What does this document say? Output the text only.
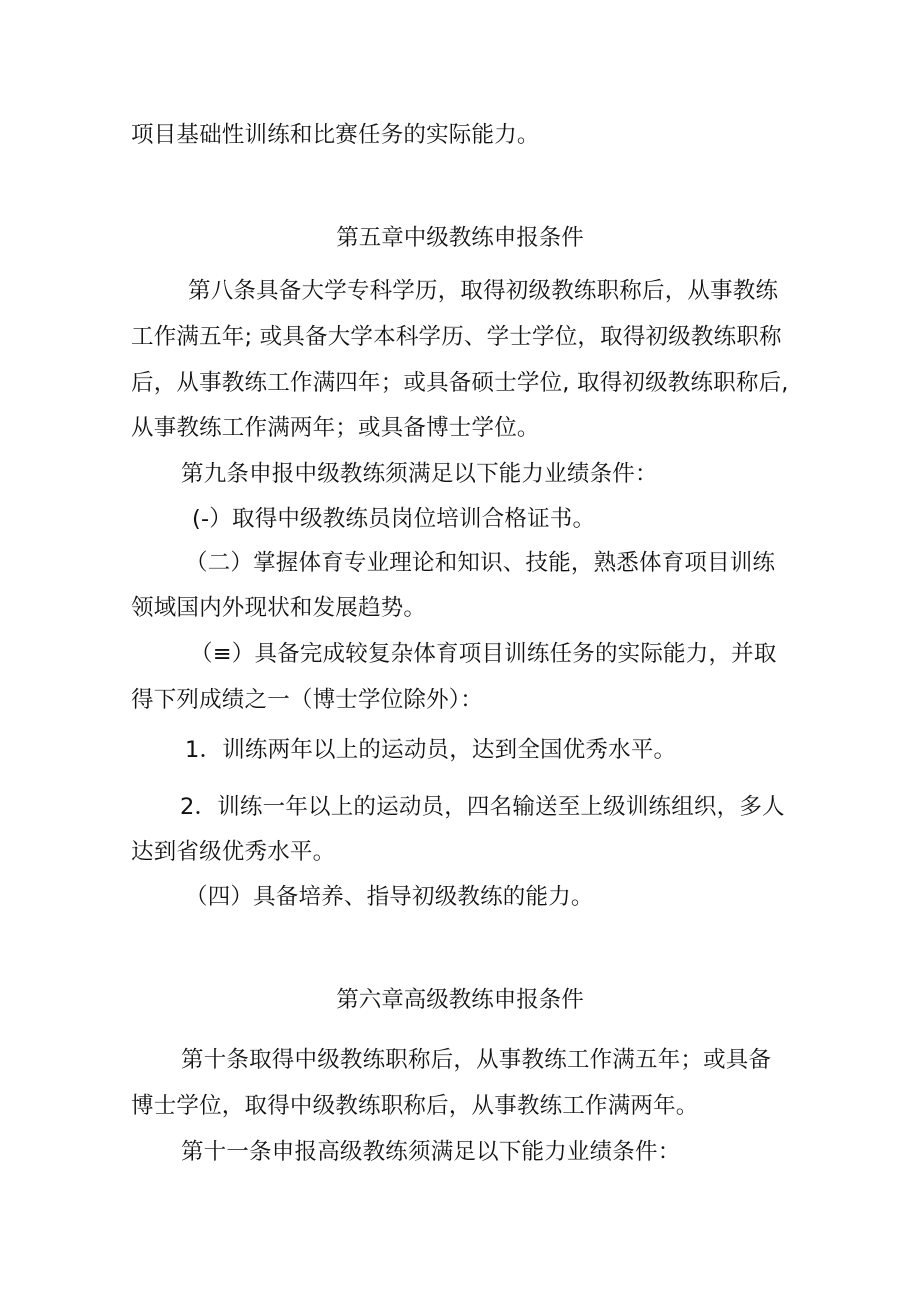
项目基础性训练和比赛任务的实际能力。
第五章中级教练申报条件
第八条具备大学专科学历，取得初级教练职称后，从事教练
工作满五年; 或具备大学本科学历、学士学位，取得初级教练职称
后，从事教练工作满四年；或具备硕士学位, 取得初级教练职称后,
从事教练工作满两年；或具备博士学位。
第九条申报中级教练须满足以下能力业绩条件：
(-）取得中级教练员岗位培训合格证书。
（二）掌握体育专业理论和知识、技能，熟悉体育项目训练
领域国内外现状和发展趋势。
（≡）具备完成较复杂体育项目训练任务的实际能力，并取
得下列成绩之一（博士学位除外）：
1．训练两年以上的运动员，达到全国优秀水平。
2．训练一年以上的运动员，四名输送至上级训练组织，多人
达到省级优秀水平。
（四）具备培养、指导初级教练的能力。
第六章高级教练申报条件
第十条取得中级教练职称后，从事教练工作满五年；或具备
博士学位，取得中级教练职称后，从事教练工作满两年。
第十一条申报高级教练须满足以下能力业绩条件：
